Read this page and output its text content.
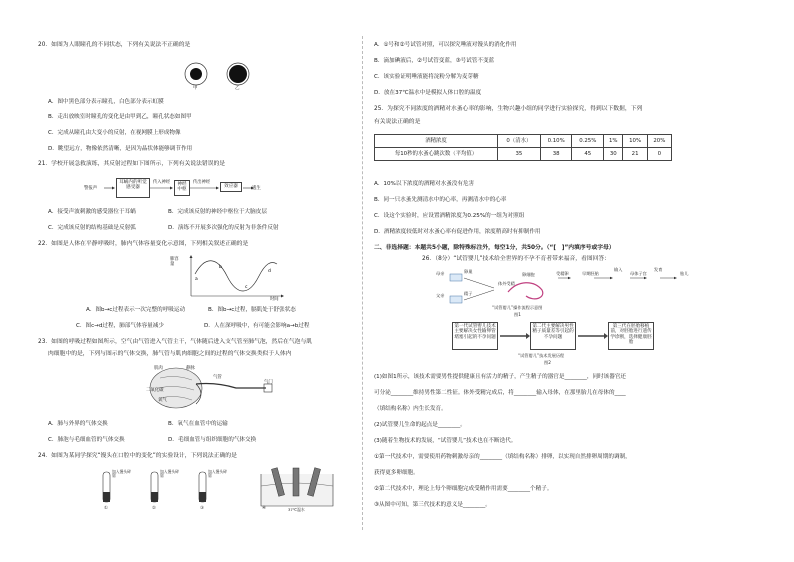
20．如图为人眼瞳孔的不同状态，下列有关说法不正确的是
甲	乙
A．图中黑色部分表示瞳孔，白色部分表示虹膜
B．走出放映室时瞳孔的变化是由甲到乙，瞳孔状态如图甲
C．完成从瞳孔由大变小的反射，在视网膜上形成物像
D．眺望远方，物像依然清晰，是因为晶状体能够调节作用
21．学校开展急救演练，其反射过程如下图所示，下列有关说法错误的是
警报声
耳蜗内的听觉感受器
传入神经	神经中枢
传出神经
效应器	逃生
A．接受声波刺激的感受器位于耳蜗	B．完成该反射的神经中枢位于大脑皮层
C．完成该反射的结构基础是反射弧	D．演练不开展多次强化的反射为非条件反射
22．如图是人体在平静呼吸时，肺内气体容量变化示意图，下列相关叙述正确的是
a
b
c
d
肺容量
时间
A．图b→c过程表示一次完整的呼吸运动	B．图b→c过程，膈肌处于舒张状态
C．图c→d过程，肺部气体容量减少	D．人在深呼吸中，有可能会影响a→b过程
23．如图的呼吸过程如图所示，空气由气管进入气管主干，气体随后进入支气管至肺气泡，然后在气泡与肌
肉细胞中的是，下列与图示的气体交换，肺气管与肌肉细胞之间的过程的气体交换类似于人体内
肌肉	静脉
气管
二氧化碳
氧气
气门
A．肺与外界的气体交换	B．氧气在血管中的运输
C．肺泡与毛细血管的气体交换	D．毛细血管与组织细胞的气体交换
24．如图为某同学探究“馒头在口腔中的变化”的实验设计，下列说法正确的是
加入馒头碎屑
加入馒头碎屑
加入馒头碎屑
①	②	③	④	37℃温水
A．①号和②号试管对照，可以探究唾液对馒头的消化作用
B．滴加碘液后，②号试管变蓝，③号试管不变蓝
C．该实验证明唾液能将淀粉分解为麦芽糖
D．放在37℃温水中是模拟人体口腔的温度
25．为探究不同浓度的酒精对水蚤心率的影响，生物兴趣小组的同学进行实验探究，得到以下数据，下列
有关说法正确的是
酒精浓度	0（清水）	0.10%	0.25%	1%	10%	20%
每10秒的水蚤心跳次数（平均值）	35	38	45	30	21	0
A．10%以下浓度的酒精对水蚤没有危害
B．同一只水蚤先测清水中的心率，再测清水中的心率
C．设这个实验时，应设置酒精浓度为0.25%的一组为对照组
D．酒精浓度较低时对水蚤心率有促进作用，浓度稍高时有抑制作用
二、非选择题：本题共5小题，除特殊标注外，每空1分，共50分。（“[　]”内填序号或字母）
26．（8分）“试管婴儿”技术给全世界的不孕不育者带来福音，看图回答：
母亲	卵巢
卵细胞
父亲	精子
体外受精
受精卵	早期胚胎
输入
母体子宫
发育
胎儿
“试管婴儿”操作流程示意图
图1
第一代试管婴儿技术主要解决女性输卵管堵塞引起的不孕问题
第二代主要解决男性精子质量差等引起的不孕问题
第三代在胚胎移植前，对胚胎进行遗传学诊断，选择健康胚胎
“试管婴儿”技术发展历程
图2
(1)如图1所示，该技术需要男性提供健康且有活力的精子，产生精子的器官是________，同时该器官还
可分泌________维持男性第二性征。体外受精完成后，将________输入母体，在那里胎儿在母体的____
（填结构名称）内生长发育。
(2)试管婴儿生命的起点是________。
(3)随着生物技术的发展，“试管婴儿”技术也在不断迭代。
①第一代技术中，需要使用药物刺激母亲的________（填结构名称）排卵，以实现自然排卵周期的调制，
获得更多卵细胞。
②第二代技术中，理论上每个卵细胞完成受精作用需要________个精子。
③从图中可知，第三代技术的意义是________。
